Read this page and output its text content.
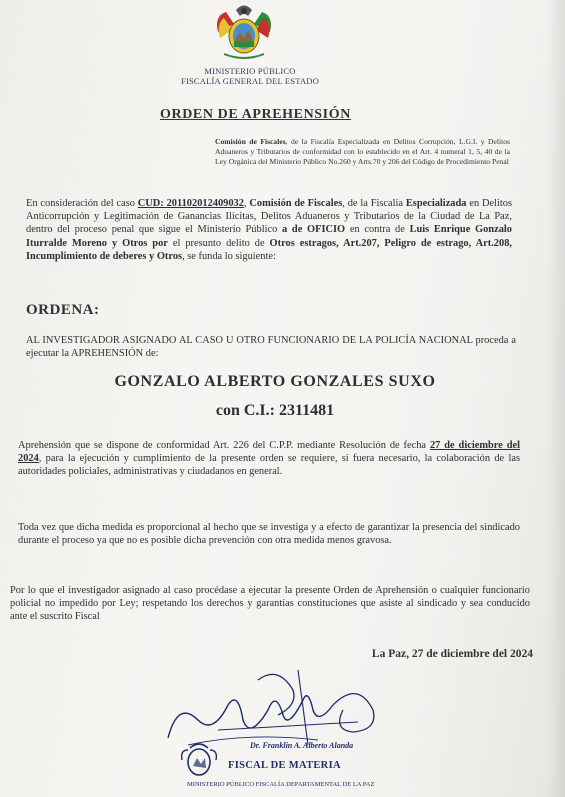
MINISTERIO PÚBLICO
FISCALÍA GENERAL DEL ESTADO
ORDEN DE APREHENSIÓN
Comisión de Fiscales, de la Fiscalía Especializada en Delitos Corrupción, L.G.I. y Delitos Aduaneros y Tributarios de conformidad con lo establecido en el Art. 4 numeral 1, 5, 40 de la Ley Orgánica del Ministerio Público No.260 y Arts.70 y 206 del Código de Procedimiento Penal
En consideración del caso CUD: 201102012409032, Comisión de Fiscales, de la Fiscalía Especializada en Delitos Anticorrupción y Legitimación de Ganancias Ilícitas, Delitos Aduaneros y Tributarios de la Ciudad de La Paz, dentro del proceso penal que sigue el Ministerio Público a de OFICIO en contra de Luis Enrique Gonzalo Iturralde Moreno y Otros por el presunto delito de Otros estragos, Art.207, Peligro de estrago, Art.208, Incumplimiento de deberes y Otros, se funda lo siguiente:
ORDENA:
AL INVESTIGADOR ASIGNADO AL CASO U OTRO FUNCIONARIO DE LA POLICÍA NACIONAL proceda a ejecutar la APREHENSIÓN de:
GONZALO ALBERTO GONZALES SUXO
con C.I.: 2311481
Aprehensión que se dispone de conformidad Art. 226 del C.P.P. mediante Resolución de fecha 27 de diciembre del 2024, para la ejecución y cumplimiento de la presente orden se requiere, si fuera necesario, la colaboración de las autoridades policiales, administrativas y ciudadanos en general.
Toda vez que dicha medida es proporcional al hecho que se investiga y a efecto de garantizar la presencia del sindicado durante el proceso ya que no es posible dicha prevención con otra medida menos gravosa.
Por lo que el investigador asignado al caso procédase a ejecutar la presente Orden de Aprehensión o cualquier funcionario policial no impedido por Ley; respetando los derechos y garantías constituciones que asiste al sindicado y sea conducido ante el suscrito Fiscal
La Paz, 27 de diciembre del 2024
Dr. Franklin A. Alberto Alanda
FISCAL DE MATERIA
MINISTERIO PÚBLICO FISCALÍA DEPARTAMENTAL DE LA PAZ
